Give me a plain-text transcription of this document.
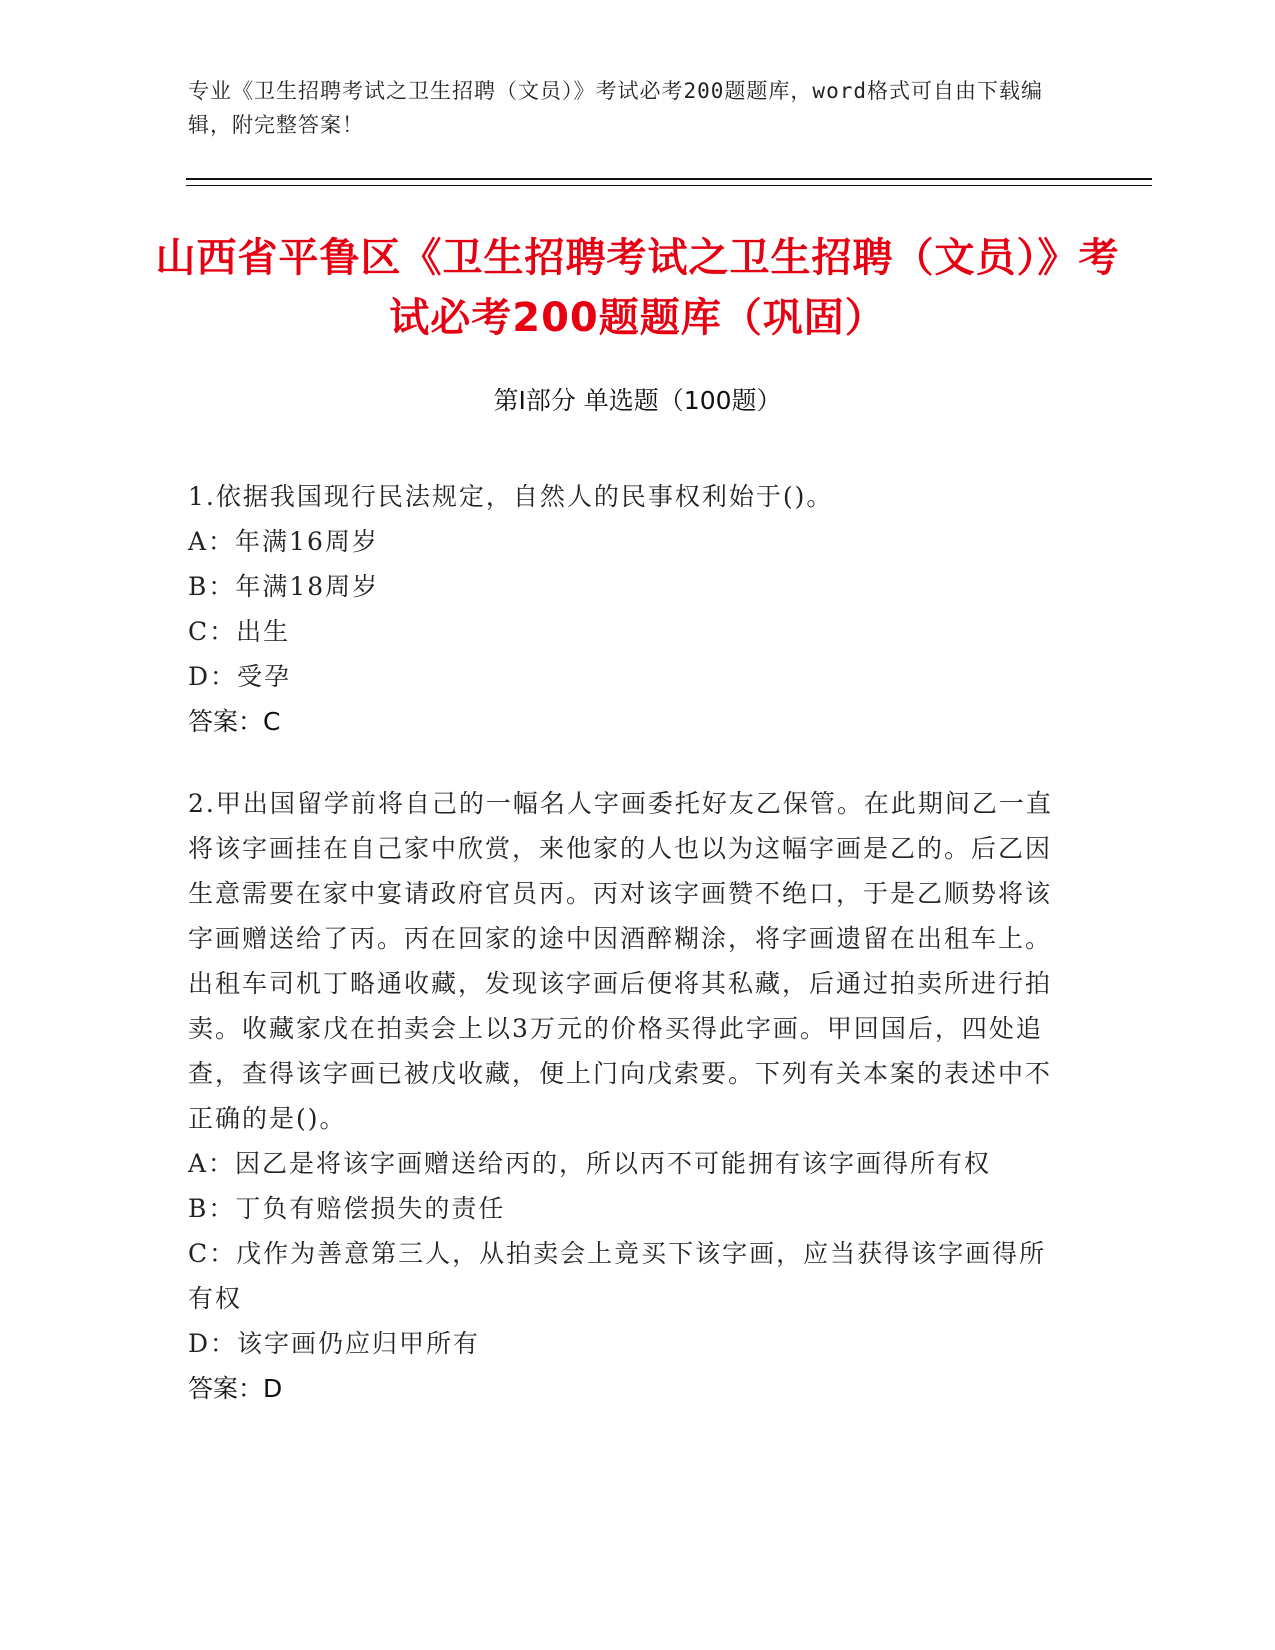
专业《卫生招聘考试之卫生招聘（文员）》考试必考200题题库，word格式可自由下载编辑，附完整答案！
山西省平鲁区《卫生招聘考试之卫生招聘（文员）》考试必考200题题库（巩固）
第Ⅰ部分 单选题（100题）

1.依据我国现行民法规定，自然人的民事权利始于()。

A：年满16周岁

B：年满18周岁

C：出生

D：受孕

答案：C

2.甲出国留学前将自己的一幅名人字画委托好友乙保管。在此期间乙一直将该字画挂在自己家中欣赏，来他家的人也以为这幅字画是乙的。后乙因生意需要在家中宴请政府官员丙。丙对该字画赞不绝口，于是乙顺势将该字画赠送给了丙。丙在回家的途中因酒醉糊涂，将字画遗留在出租车上。出租车司机丁略通收藏，发现该字画后便将其私藏，后通过拍卖所进行拍卖。收藏家戊在拍卖会上以3万元的价格买得此字画。甲回国后，四处追查，查得该字画已被戊收藏，便上门向戊索要。下列有关本案的表述中不正确的是()。

A：因乙是将该字画赠送给丙的，所以丙不可能拥有该字画得所有权

B：丁负有赔偿损失的责任

C：戊作为善意第三人，从拍卖会上竟买下该字画，应当获得该字画得所有权

D：该字画仍应归甲所有

答案：D
